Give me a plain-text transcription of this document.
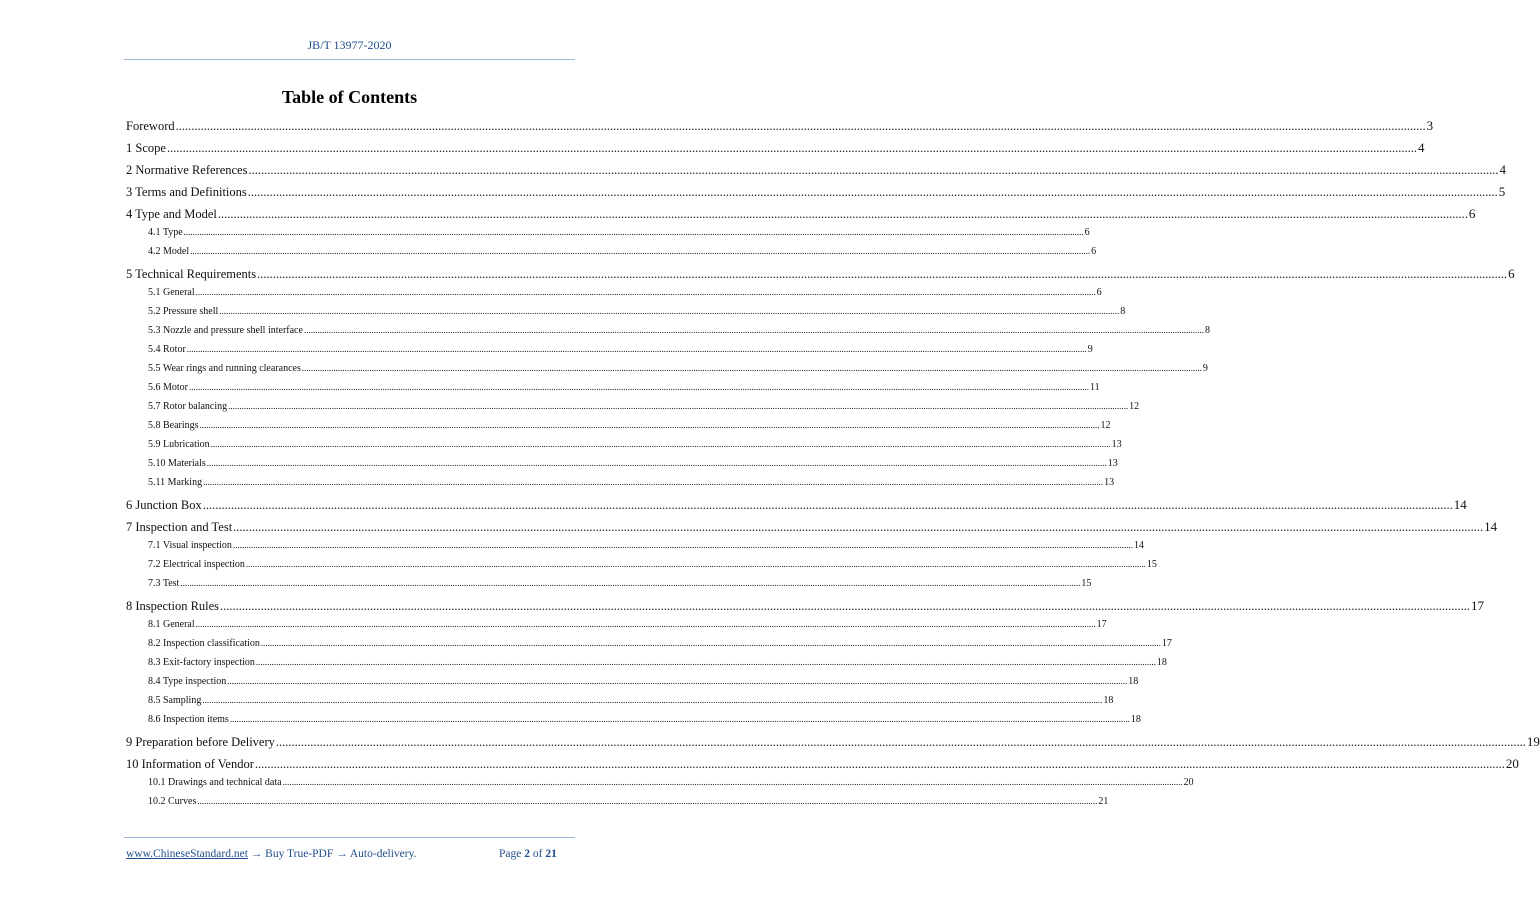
JB/T 13977-2020
Table of Contents
Foreword ................................................................................................................................................................................................................................................................................................................................................................................................................ 3
1 Scope ................................................................................................................................................................................................................................................................................................................................................................................................................ 4
2 Normative References ................................................................................................................................................................................................................................................................................................................................................................................................................ 4
3 Terms and Definitions ................................................................................................................................................................................................................................................................................................................................................................................................................ 5
4 Type and Model ................................................................................................................................................................................................................................................................................................................................................................................................................ 6
4.1 Type ................................................................................................................................................................................................................................................................................................................................................................................................................ 6
4.2 Model ................................................................................................................................................................................................................................................................................................................................................................................................................ 6
5 Technical Requirements ................................................................................................................................................................................................................................................................................................................................................................................................................ 6
5.1 General ................................................................................................................................................................................................................................................................................................................................................................................................................ 6
5.2 Pressure shell ................................................................................................................................................................................................................................................................................................................................................................................................................ 8
5.3 Nozzle and pressure shell interface ................................................................................................................................................................................................................................................................................................................................................................................................................ 8
5.4 Rotor ................................................................................................................................................................................................................................................................................................................................................................................................................ 9
5.5 Wear rings and running clearances ................................................................................................................................................................................................................................................................................................................................................................................................................ 9
5.6 Motor ................................................................................................................................................................................................................................................................................................................................................................................................................ 11
5.7 Rotor balancing ................................................................................................................................................................................................................................................................................................................................................................................................................ 12
5.8 Bearings ................................................................................................................................................................................................................................................................................................................................................................................................................ 12
5.9 Lubrication ................................................................................................................................................................................................................................................................................................................................................................................................................ 13
5.10 Materials ................................................................................................................................................................................................................................................................................................................................................................................................................ 13
5.11 Marking ................................................................................................................................................................................................................................................................................................................................................................................................................ 13
6 Junction Box ................................................................................................................................................................................................................................................................................................................................................................................................................ 14
7 Inspection and Test ................................................................................................................................................................................................................................................................................................................................................................................................................ 14
7.1 Visual inspection ................................................................................................................................................................................................................................................................................................................................................................................................................ 14
7.2 Electrical inspection ................................................................................................................................................................................................................................................................................................................................................................................................................ 15
7.3 Test ................................................................................................................................................................................................................................................................................................................................................................................................................ 15
8 Inspection Rules ................................................................................................................................................................................................................................................................................................................................................................................................................ 17
8.1 General ................................................................................................................................................................................................................................................................................................................................................................................................................ 17
8.2 Inspection classification ................................................................................................................................................................................................................................................................................................................................................................................................................ 17
8.3 Exit-factory inspection ................................................................................................................................................................................................................................................................................................................................................................................................................ 18
8.4 Type inspection ................................................................................................................................................................................................................................................................................................................................................................................................................ 18
8.5 Sampling ................................................................................................................................................................................................................................................................................................................................................................................................................ 18
8.6 Inspection items ................................................................................................................................................................................................................................................................................................................................................................................................................ 18
9 Preparation before Delivery ................................................................................................................................................................................................................................................................................................................................................................................................................ 19
10 Information of Vendor ................................................................................................................................................................................................................................................................................................................................................................................................................ 20
10.1 Drawings and technical data ................................................................................................................................................................................................................................................................................................................................................................................................................ 20
10.2 Curves ................................................................................................................................................................................................................................................................................................................................................................................................................ 21
www.ChineseStandard.net → Buy True-PDF → Auto-delivery.	Page 2 of 21
